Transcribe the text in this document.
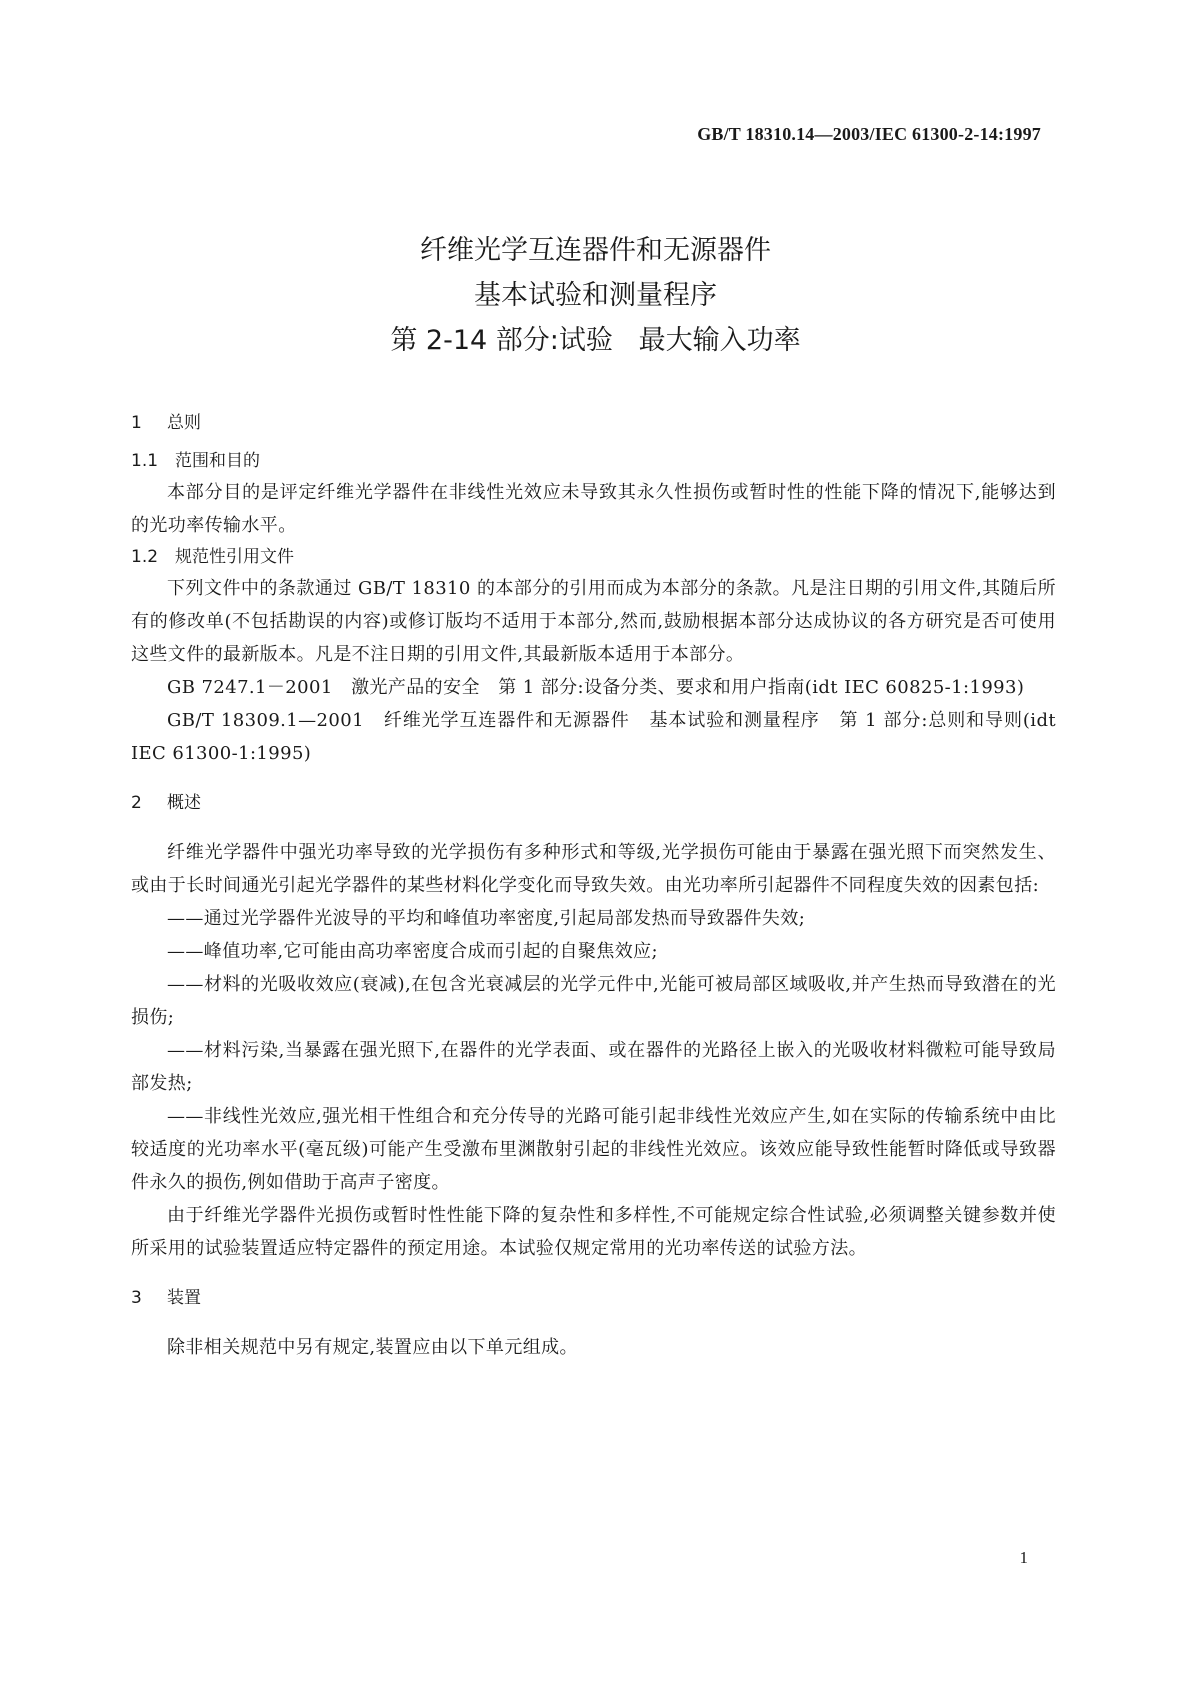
GB/T 18310.14—2003/IEC 61300-2-14:1997
纤维光学互连器件和无源器件
基本试验和测量程序
第 2-14 部分:试验   最大输入功率
1 总则
1.1 范围和目的

本部分目的是评定纤维光学器件在非线性光效应未导致其永久性损伤或暂时性的性能下降的情况下,能够达到的光功率传输水平。

1.2 规范性引用文件

下列文件中的条款通过 GB/T 18310 的本部分的引用而成为本部分的条款。凡是注日期的引用文件,其随后所有的修改单(不包括勘误的内容)或修订版均不适用于本部分,然而,鼓励根据本部分达成协议的各方研究是否可使用这些文件的最新版本。凡是不注日期的引用文件,其最新版本适用于本部分。

GB 7247.1－2001   激光产品的安全   第 1 部分:设备分类、要求和用户指南(idt IEC 60825-1:1993)

GB/T 18309.1—2001   纤维光学互连器件和无源器件   基本试验和测量程序   第 1 部分:总则和导则(idt IEC 61300-1:1995)

2 概述

纤维光学器件中强光功率导致的光学损伤有多种形式和等级,光学损伤可能由于暴露在强光照下而突然发生、或由于长时间通光引起光学器件的某些材料化学变化而导致失效。由光功率所引起器件不同程度失效的因素包括:

——通过光学器件光波导的平均和峰值功率密度,引起局部发热而导致器件失效;

——峰值功率,它可能由高功率密度合成而引起的自聚焦效应;

——材料的光吸收效应(衰减),在包含光衰减层的光学元件中,光能可被局部区域吸收,并产生热而导致潜在的光损伤;

——材料污染,当暴露在强光照下,在器件的光学表面、或在器件的光路径上嵌入的光吸收材料微粒可能导致局部发热;

——非线性光效应,强光相干性组合和充分传导的光路可能引起非线性光效应产生,如在实际的传输系统中由比较适度的光功率水平(毫瓦级)可能产生受激布里渊散射引起的非线性光效应。该效应能导致性能暂时降低或导致器件永久的损伤,例如借助于高声子密度。

由于纤维光学器件光损伤或暂时性性能下降的复杂性和多样性,不可能规定综合性试验,必须调整关键参数并使所采用的试验装置适应特定器件的预定用途。本试验仅规定常用的光功率传送的试验方法。

3 装置

除非相关规范中另有规定,装置应由以下单元组成。

1
